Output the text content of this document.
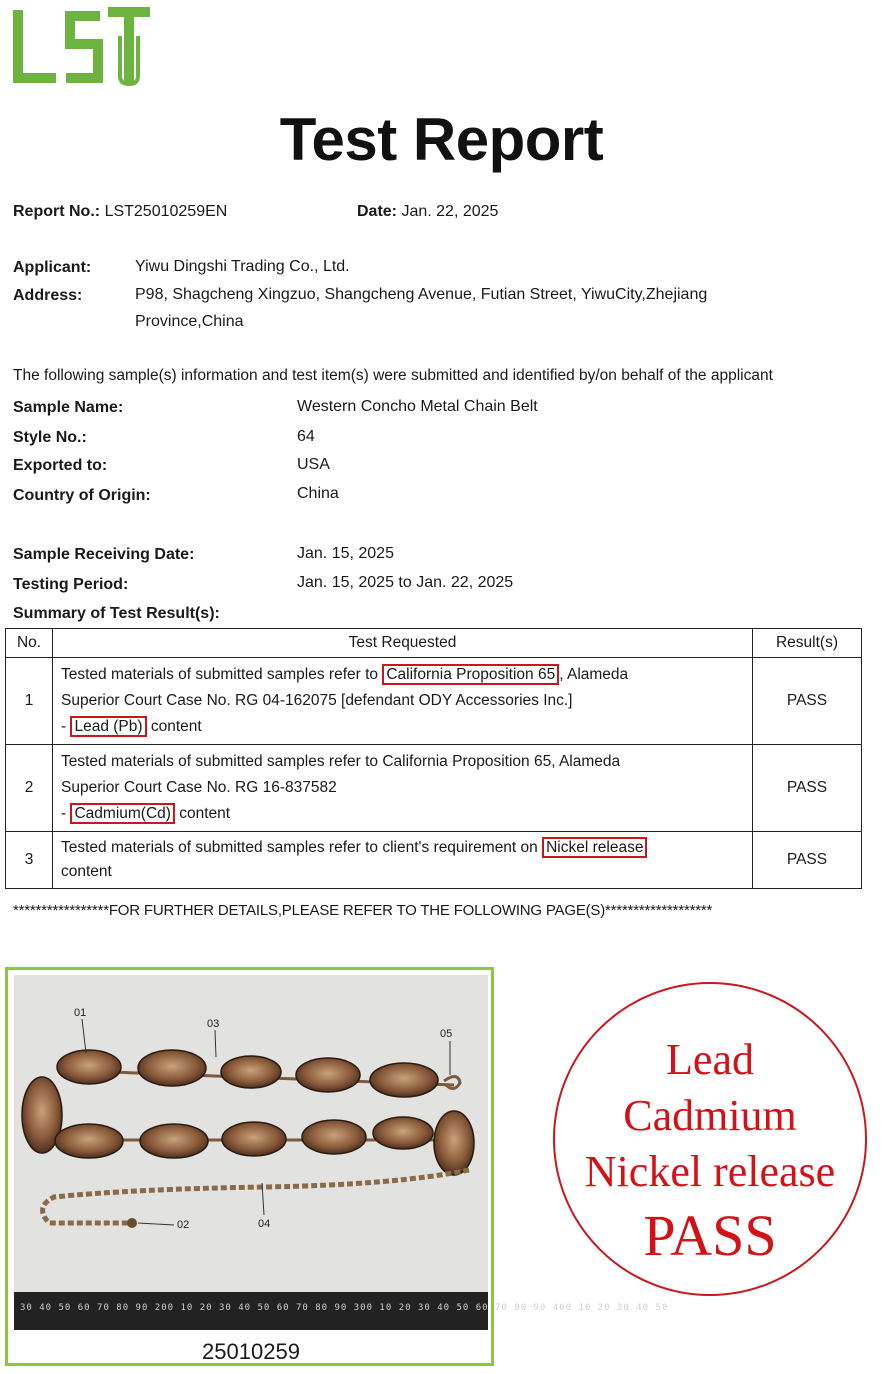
Test Report
Report No.: LST25010259EN	Date: Jan. 22, 2025
Applicant:	Yiwu Dingshi Trading Co., Ltd.
Address:	P98, Shagcheng Xingzuo, Shangcheng Avenue, Futian Street, YiwuCity,Zhejiang
Province,China
The following sample(s) information and test item(s) were submitted and identified by/on behalf of the applicant
Sample Name:	Western Concho Metal Chain Belt
Style No.:	64
Exported to:	USA
Country of Origin:	China
Sample Receiving Date:	Jan. 15, 2025
Testing Period:	Jan. 15, 2025 to Jan. 22, 2025
Summary of Test Result(s):
No.	Test Requested	Result(s)
1	Tested materials of submitted samples refer to California Proposition 65 , Alameda
Superior Court Case No. RG 04-162075 [defendant ODY Accessories Inc.]
- Lead (Pb) content	PASS
2	Tested materials of submitted samples refer to California Proposition 65, Alameda
Superior Court Case No. RG 16-837582
- Cadmium(Cd) content	PASS
3	Tested materials of submitted samples refer to client's requirement on Nickel release
content	PASS
*****************FOR FURTHER DETAILS,PLEASE REFER TO THE FOLLOWING PAGE(S)*******************
01
03
05
02	04
30 40 50 60 70 80 90 200 10 20 30 40 50 60 70 80 90 300 10 20 30 40 50 60 70 80 90 400 10 20 30 40 50
25010259
Lead
Cadmium
Nickel release
PASS
